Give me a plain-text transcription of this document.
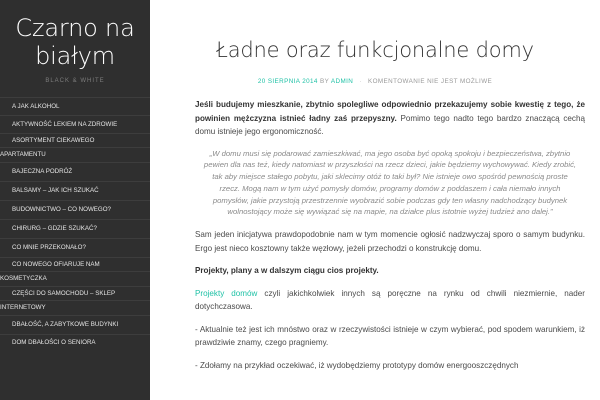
Czarno na
białym
BLACK & WHITE
A JAK ALKOHOL
AKTYWNOŚĆ LEKIEM NA ZDROWIE
ASORTYMENT CIEKAWEGO
APARTAMENTU
BAJECZNA PODRÓŻ
BALSAMY – JAK ICH SZUKAĆ
BUDOWNICTWO – CO NOWEGO?
CHIRURG – GDZIE SZUKAĆ?
CO MNIE PRZEKONAŁO?
CO NOWEGO OFIARUJE NAM
KOSMETYCZKA
CZĘŚCI DO SAMOCHODU – SKLEP
INTERNETOWY
DBAŁOŚĆ, A ZABYTKOWE BUDYNKI
DOM DBAŁOŚCI O SENIORA
Ładne oraz funkcjonalne domy
20 SIERPNIA 2014 BY ADMIN · KOMENTOWANIE NIE JEST MOŻLIWE

Jeśli budujemy mieszkanie, zbytnio spolegliwe odpowiednio przekazujemy sobie kwestię z tego, że powinien mężczyzna istnieć ładny zaś przepyszny. Pomimo tego nadto tego bardzo znaczącą cechą domu istnieje jego ergonomiczność.

„W domu musi się podarować zamieszkiwać, ma jego osoba być opoką spokoju i bezpieczeństwa, zbytnio pewien dla nas też, kiedy natomiast w przyszłości na rzecz dzieci, jakie będziemy wychowywać. Kiedy zrobić, tak aby miejsce stałego pobytu, jaki sklecimy otóż to taki był? Nie istnieje owo spośród pewnością proste rzecz. Mogą nam w tym użyć pomysły domów, programy domów z poddaszem i cała niemało innych pomysłów, jakie przystoją przestrzennie wyobrazić sobie podczas gdy ten własny nadchodzący budynek wolnostojący może się wywiązać się na mapie, na działce plus istotnie wyżej tudzież ano dalej.”

Sam jeden inicjatywa prawdopodobnie nam w tym momencie ogłosić nadzwyczaj sporo o samym budynku. Ergo jest nieco kosztowny także węzłowy, jeżeli przechodzi o konstrukcję domu.

Projekty, plany a w dalszym ciągu cios projekty.

Projekty domów czyli jakichkolwiek innych są poręczne na rynku od chwili niezmiernie, nader dotychczasowa.

- Aktualnie też jest ich mnóstwo oraz w rzeczywistości istnieje w czym wybierać, pod spodem warunkiem, iż prawdziwie znamy, czego pragniemy.

- Zdołamy na przykład oczekiwać, iż wydobędziemy prototypy domów energooszczędnych
